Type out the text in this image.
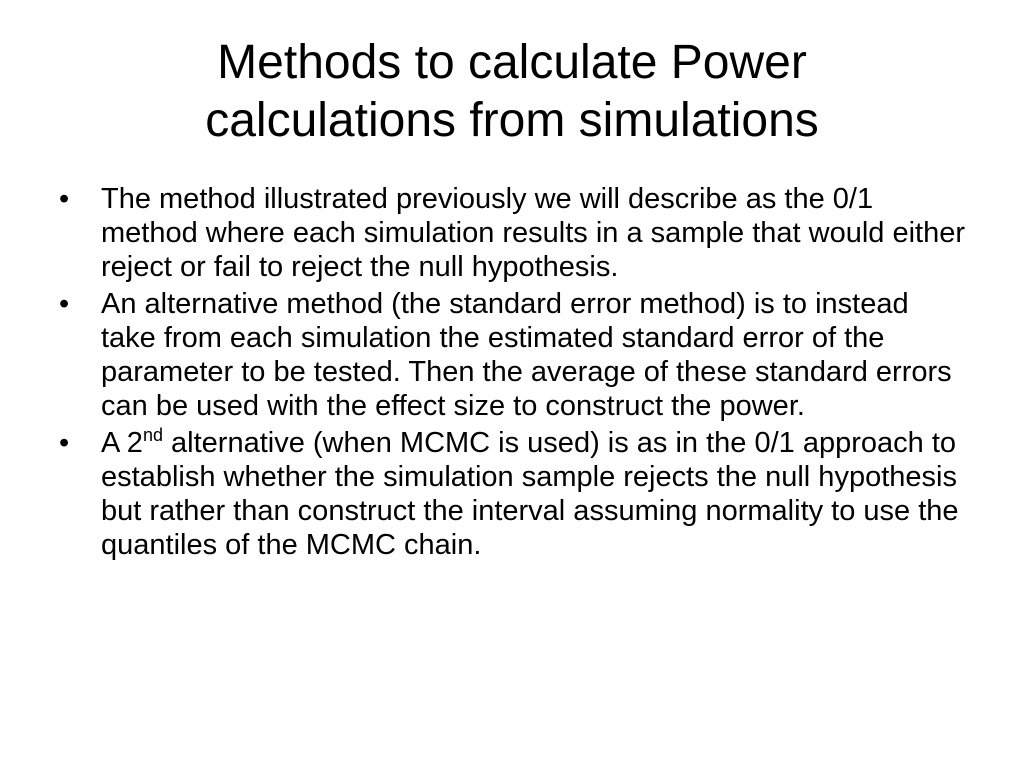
Methods to calculate Power
calculations from simulations
• The method illustrated previously we will describe as the 0/1 method where each simulation results in a sample that would either reject or fail to reject the null hypothesis.
• An alternative method (the standard error method) is to instead take from each simulation the estimated standard error of the parameter to be tested. Then the average of these standard errors can be used with the effect size to construct the power.
• A 2nd alternative (when MCMC is used) is as in the 0/1 approach to establish whether the simulation sample rejects the null hypothesis but rather than construct the interval assuming normality to use the quantiles of the MCMC chain.
